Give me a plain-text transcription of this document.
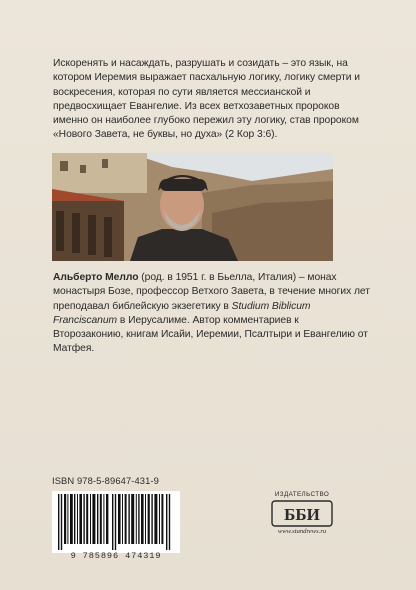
Искоренять и насаждать, разрушать и созидать – это язык, на котором Иеремия выражает пасхальную логику, логику смерти и воскресения, которая по сути является мессианской и предвосхищает Евангелие. Из всех ветхозаветных пророков именно он наиболее глубоко пережил эту логику, став пророком «Нового Завета, не буквы, но духа» (2 Кор 3:6).

Альберто Мелло (род. в 1951 г. в Бьелла, Италия) – монах монастыря Бозе, профессор Ветхого Завета, в течение многих лет преподавал библейскую экзегетику в Studium Biblicum Franciscanum в Иерусалиме. Автор комментариев к Второзаконию, книгам Исайи, Иеремии, Псалтыри и Евангелию от Матфея.

ISBN 978-5-89647-431-9
9 785896 474319
ИЗДАТЕЛЬСТВО
ББИ
www.standrews.ru
